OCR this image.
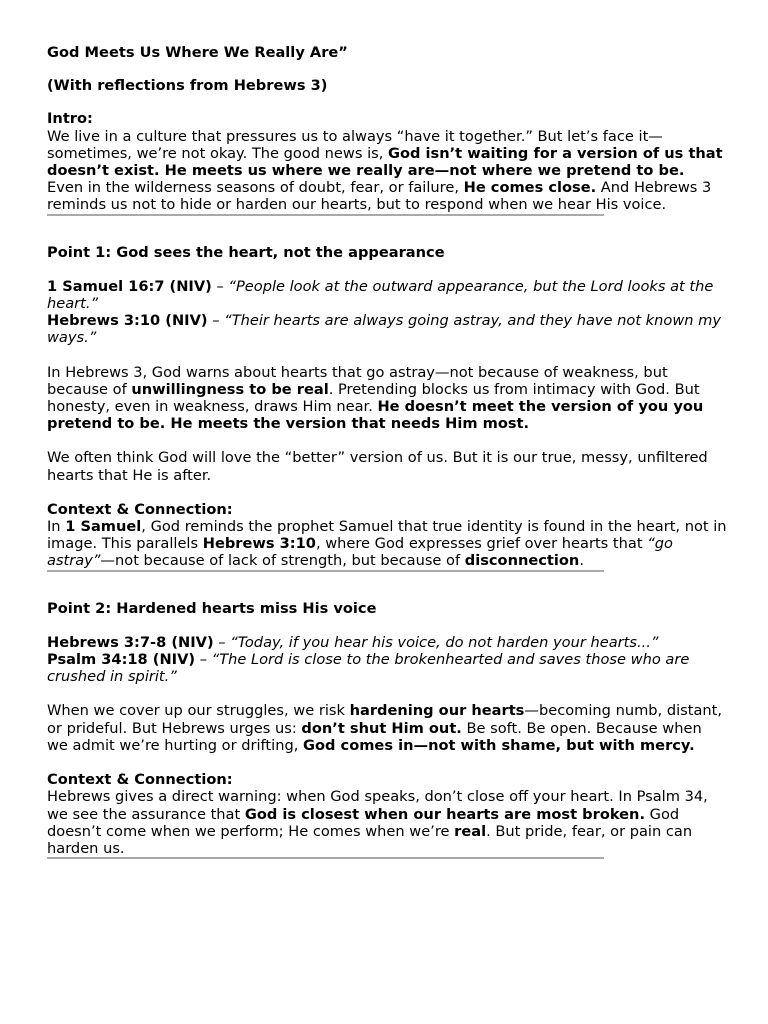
God Meets Us Where We Really Are”

(With reflections from Hebrews 3)

Intro:

We live in a culture that pressures us to always “have it together.” But let’s face it—sometimes, we’re not okay. The good news is, God isn’t waiting for a version of us that doesn’t exist. He meets us where we really are—not where we pretend to be.

Even in the wilderness seasons of doubt, fear, or failure, He comes close. And Hebrews 3 reminds us not to hide or harden our hearts, but to respond when we hear His voice.

Point 1: God sees the heart, not the appearance

1 Samuel 16:7 (NIV) – “People look at the outward appearance, but the Lord looks at the heart.”

Hebrews 3:10 (NIV) – “Their hearts are always going astray, and they have not known my ways.”

In Hebrews 3, God warns about hearts that go astray—not because of weakness, but because of unwillingness to be real. Pretending blocks us from intimacy with God. But honesty, even in weakness, draws Him near. He doesn’t meet the version of you you pretend to be. He meets the version that needs Him most.

We often think God will love the “better” version of us. But it is our true, messy, unfiltered hearts that He is after.

Context & Connection:

In 1 Samuel, God reminds the prophet Samuel that true identity is found in the heart, not in image. This parallels Hebrews 3:10, where God expresses grief over hearts that “go astray”—not because of lack of strength, but because of disconnection.

Point 2: Hardened hearts miss His voice

Hebrews 3:7-8 (NIV) – “Today, if you hear his voice, do not harden your hearts...”

Psalm 34:18 (NIV) – “The Lord is close to the brokenhearted and saves those who are crushed in spirit.”

When we cover up our struggles, we risk hardening our hearts—becoming numb, distant, or prideful. But Hebrews urges us: don’t shut Him out. Be soft. Be open. Because when we admit we’re hurting or drifting, God comes in—not with shame, but with mercy.

Context & Connection:

Hebrews gives a direct warning: when God speaks, don’t close off your heart. In Psalm 34, we see the assurance that God is closest when our hearts are most broken. God doesn’t come when we perform; He comes when we’re real. But pride, fear, or pain can harden us.
